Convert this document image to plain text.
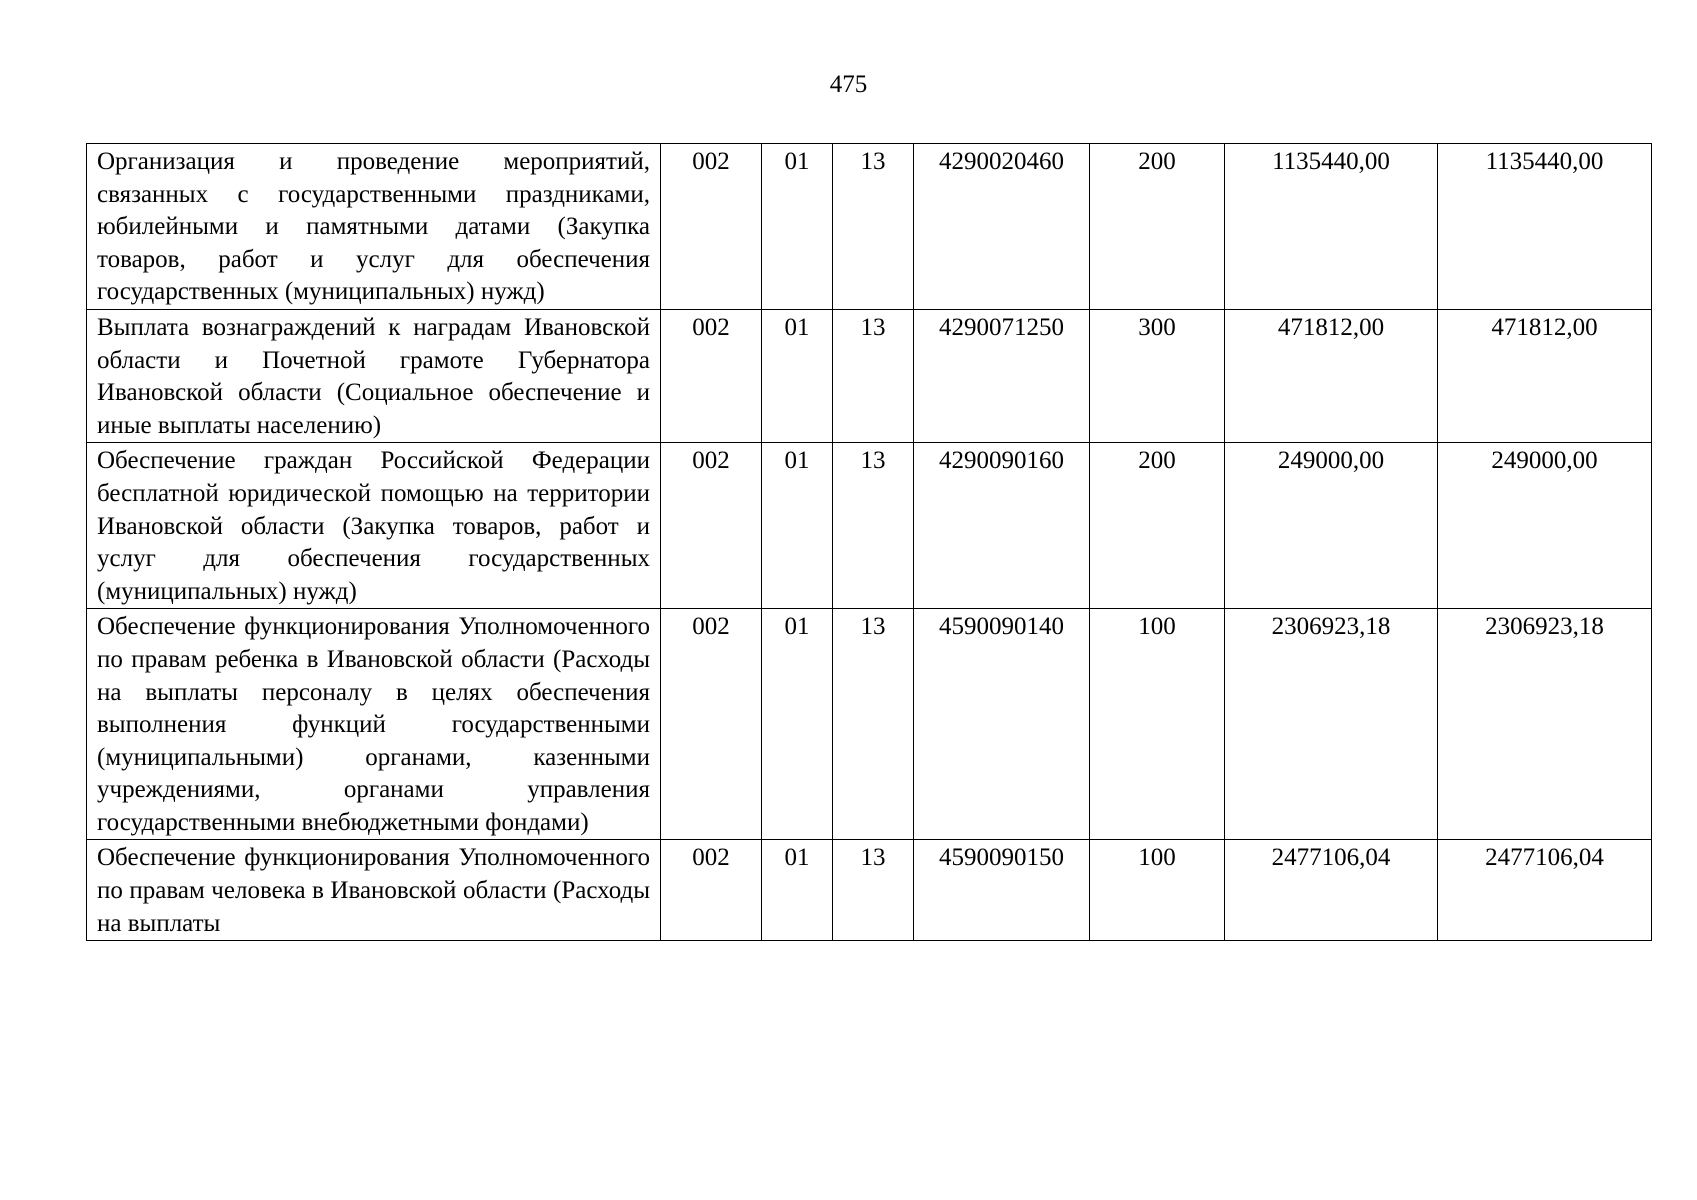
475
Организация и проведение мероприятий, связанных с государственными праздниками, юбилейными и памятными датами (Закупка товаров, работ и услуг для обеспечения государственных (муниципальных) нужд)	002	01	13	4290020460	200	1135440,00	1135440,00
Выплата вознаграждений к наградам Ивановской области и Почетной грамоте Губернатора Ивановской области (Социальное обеспечение и иные выплаты населению)	002	01	13	4290071250	300	471812,00	471812,00
Обеспечение граждан Российской Федерации бесплатной юридической помощью на территории Ивановской области (Закупка товаров, работ и услуг для обеспечения государственных (муниципальных) нужд)	002	01	13	4290090160	200	249000,00	249000,00
Обеспечение функционирования Уполномоченного по правам ребенка в Ивановской области (Расходы на выплаты персоналу в целях обеспечения выполнения функций государственными (муниципальными) органами, казенными учреждениями, органами управления государственными внебюджетными фондами)	002	01	13	4590090140	100	2306923,18	2306923,18
Обеспечение функционирования Уполномоченного по правам человека в Ивановской области (Расходы на выплаты	002	01	13	4590090150	100	2477106,04	2477106,04
